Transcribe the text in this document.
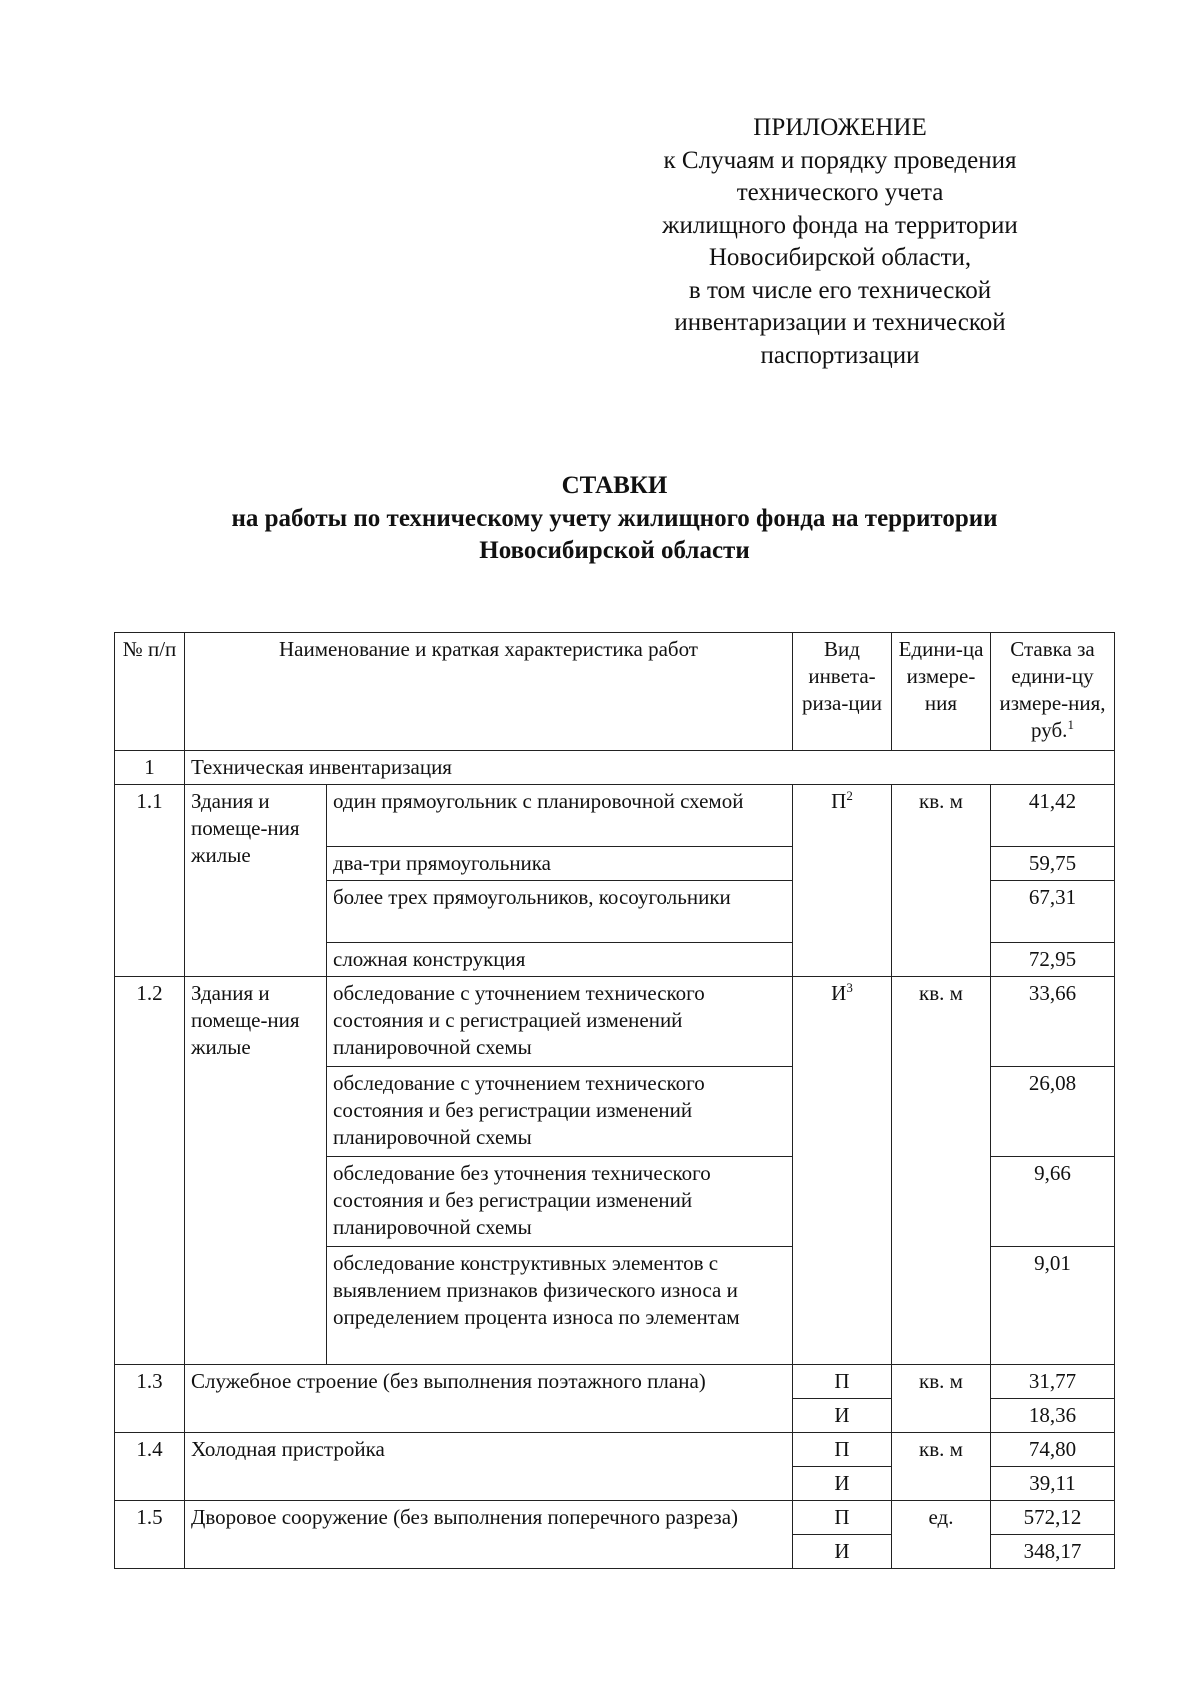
ПРИЛОЖЕНИЕ
к Случаям и порядку проведения
технического учета
жилищного фонда на территории
Новосибирской области,
в том числе его технической
инвентаризации и технической
паспортизации
СТАВКИ
на работы по техническому учету жилищного фонда на территории
Новосибирской области
№ п/п	Наименование и краткая характеристика работ		Вид инвета-риза-ции	Едини-ца измере-ния	Ставка за едини-цу измере-ния, руб.$^1$
1	Техническая инвентаризация				
1.1	Здания и помеще-ния жилые	один прямоугольник с планировочной схемой	$П^2$	кв. м	41,42
		два-три прямоугольника			59,75
		более трех прямоугольников, косоугольники			67,31
		сложная конструкция			72,95
1.2	Здания и помеще-ния жилые	обследование с уточнением технического состояния и с регистрацией изменений планировочной схемы	$И^3$	кв. м	33,66
		обследование с уточнением технического состояния и без регистрации изменений планировочной схемы			26,08
		обследование без уточнения технического состояния и без регистрации изменений планировочной схемы			9,66
		обследование конструктивных элементов с выявлением признаков физического износа и определением процента износа по элементам			9,01
1.3	Служебное строение (без выполнения поэтажного плана)		П	кв. м	31,77
			И		18,36
1.4	Холодная пристройка		П	кв. м	74,80
			И		39,11
1.5	Дворовое сооружение (без выполнения поперечного разреза)		П	ед.	572,12
			И		348,17
